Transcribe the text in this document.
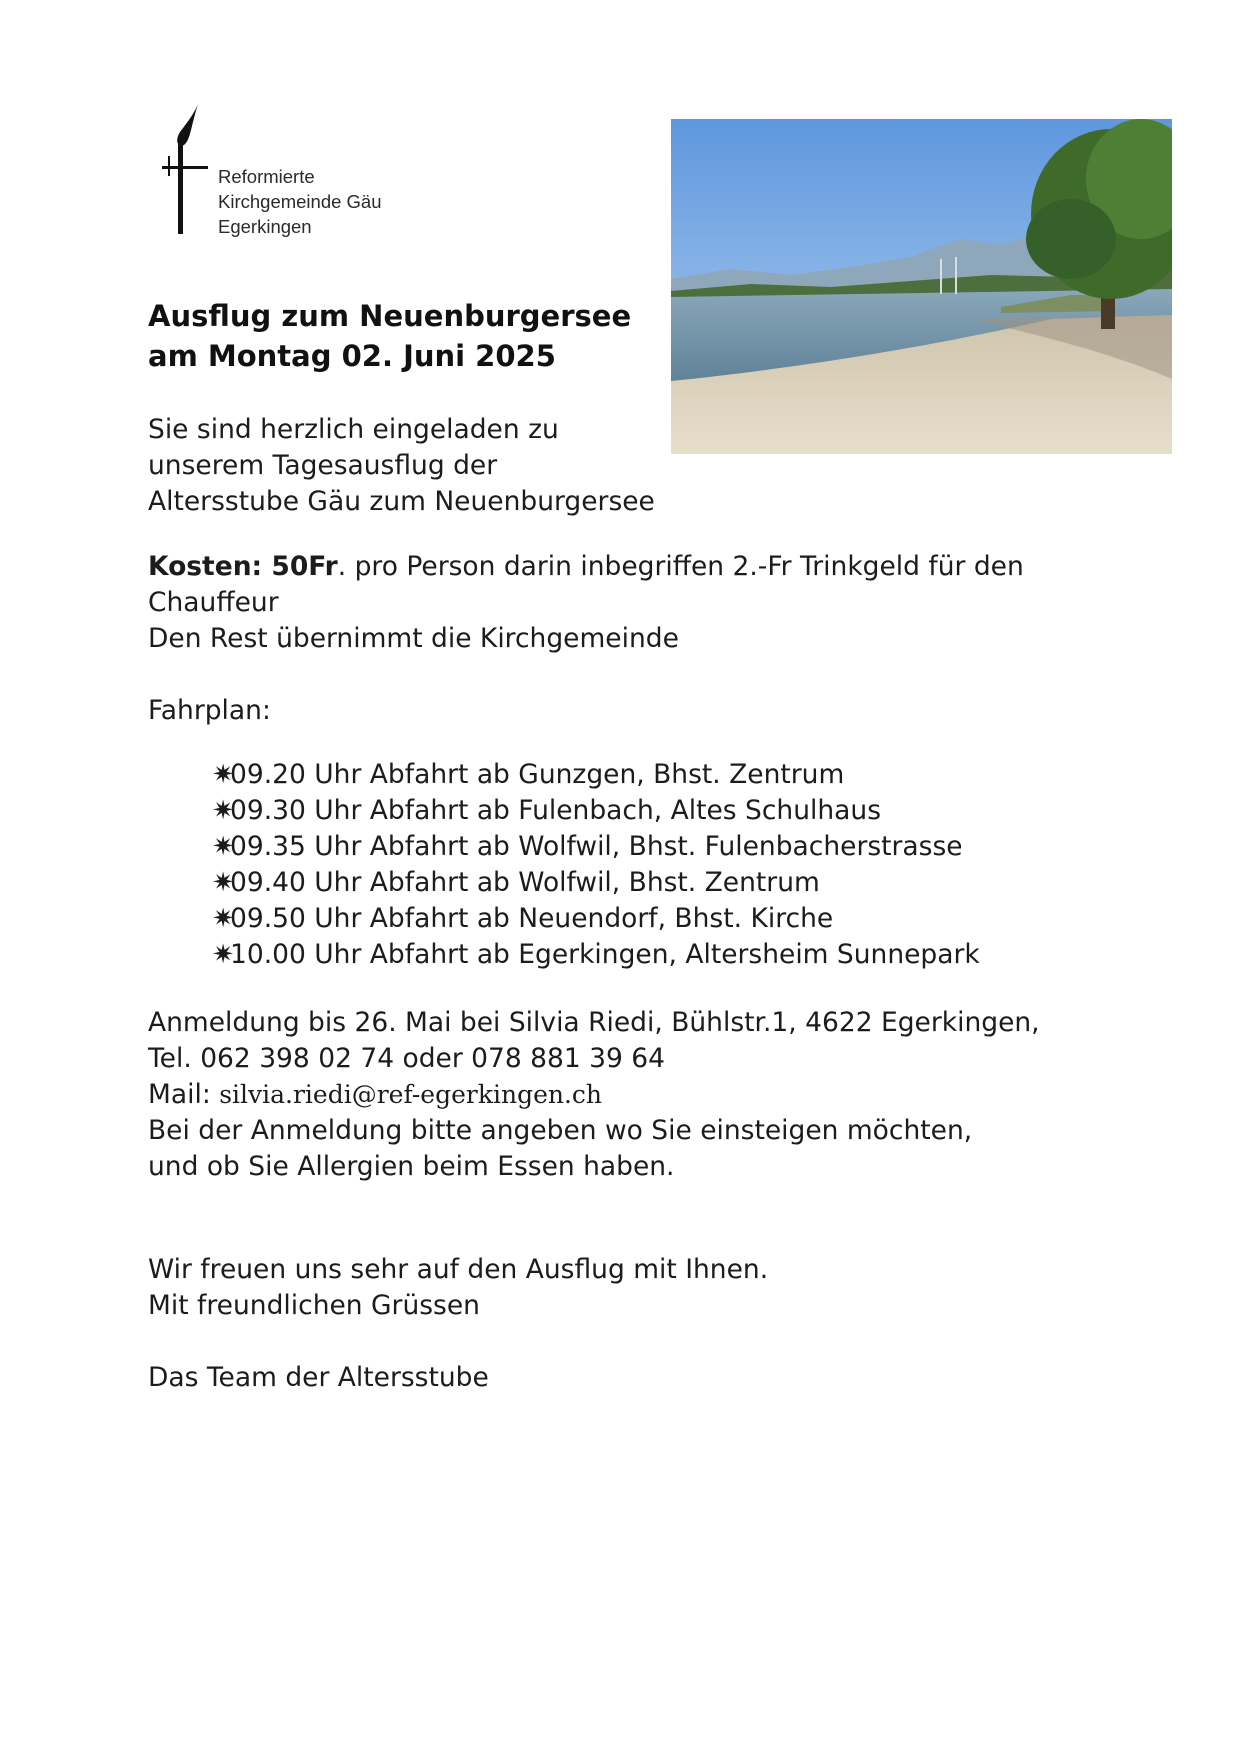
Reformierte
Kirchgemeinde Gäu
Egerkingen
Ausflug zum Neuenburgersee
am Montag 02. Juni 2025
Sie sind herzlich eingeladen zu
unserem Tagesausflug der
Altersstube Gäu zum Neuenburgersee
Kosten: 50Fr. pro Person darin inbegriffen 2.-Fr Trinkgeld für den
Chauffeur
Den Rest übernimmt die Kirchgemeinde
Fahrplan:
✷09.20 Uhr Abfahrt ab Gunzgen, Bhst. Zentrum
✷09.30 Uhr Abfahrt ab Fulenbach, Altes Schulhaus
✷09.35 Uhr Abfahrt ab Wolfwil, Bhst. Fulenbacherstrasse
✷09.40 Uhr Abfahrt ab Wolfwil, Bhst. Zentrum
✷09.50 Uhr Abfahrt ab Neuendorf, Bhst. Kirche
✷10.00 Uhr Abfahrt ab Egerkingen, Altersheim Sunnepark
Anmeldung bis 26. Mai bei Silvia Riedi, Bühlstr.1, 4622 Egerkingen,
Tel. 062 398 02 74 oder 078 881 39 64
Mail: silvia.riedi@ref-egerkingen.ch
Bei der Anmeldung bitte angeben wo Sie einsteigen möchten,
und ob Sie Allergien beim Essen haben.
Wir freuen uns sehr auf den Ausflug mit Ihnen.
Mit freundlichen Grüssen
Das Team der Altersstube
